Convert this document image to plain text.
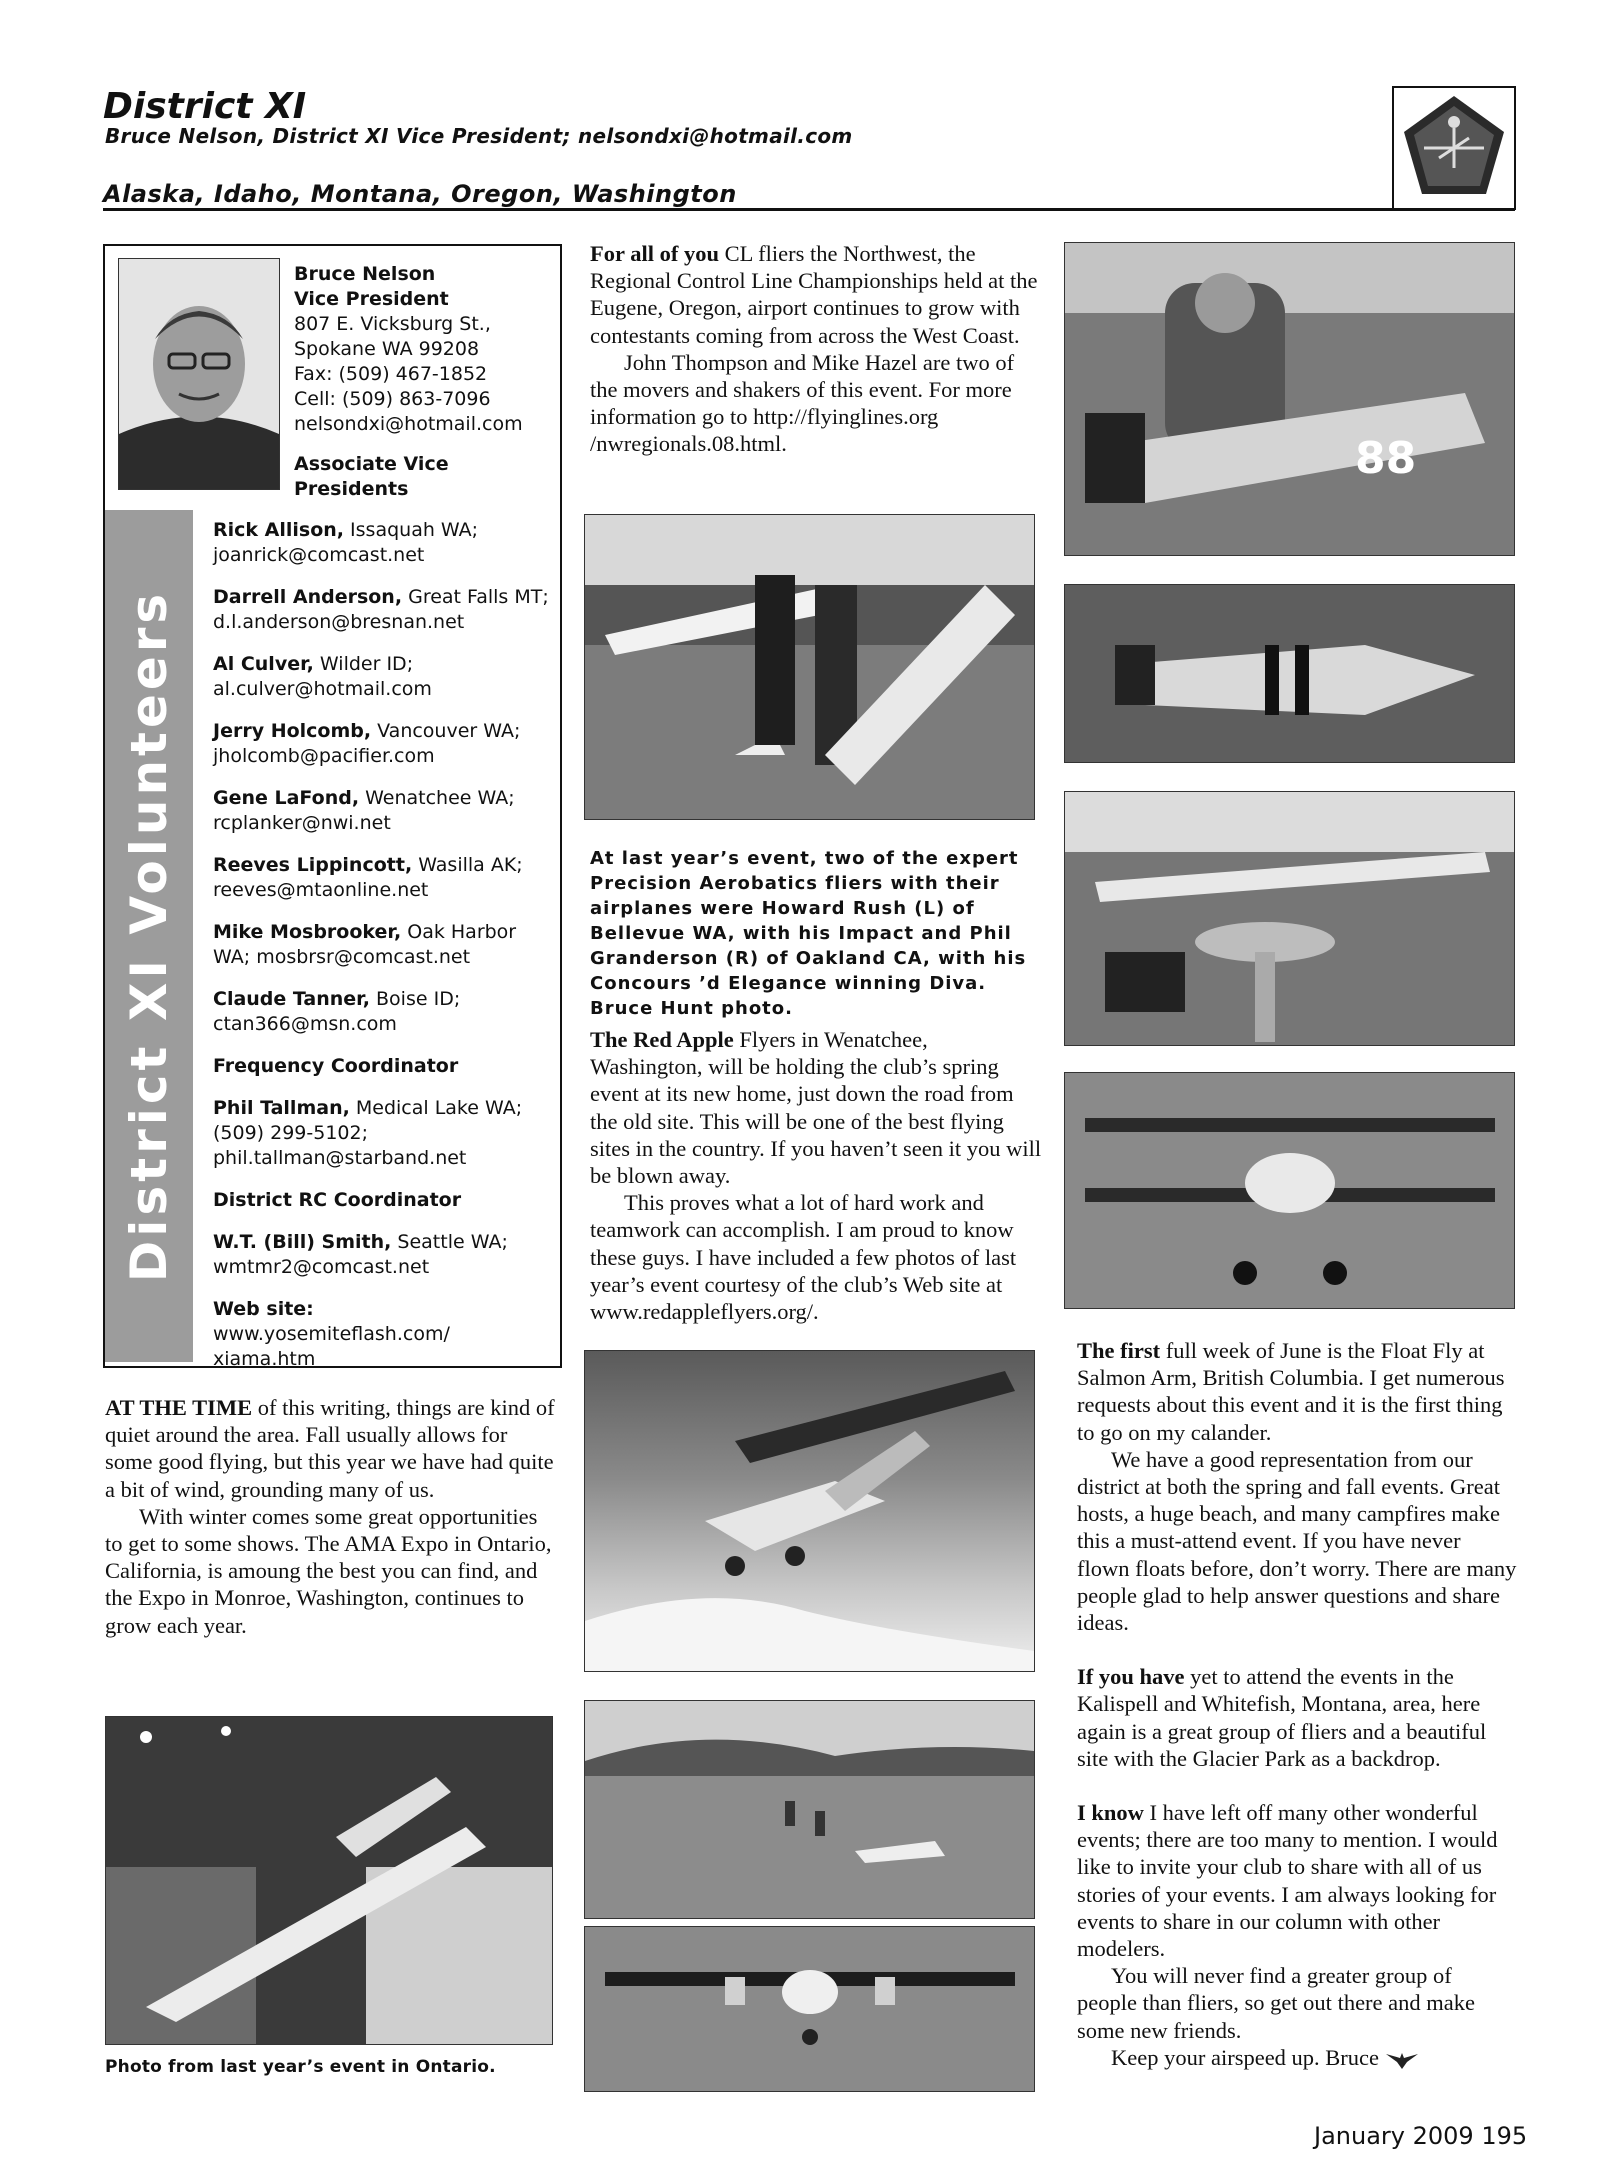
District XI
Bruce Nelson, District XI Vice President; nelsondxi@hotmail.com
Alaska, Idaho, Montana, Oregon, Washington
District XI Volunteers
Bruce Nelson
Vice President
807 E. Vicksburg St.,
Spokane WA 99208
Fax: (509) 467-1852
Cell: (509) 863-7096
nelsondxi@hotmail.com
Associate Vice Presidents
Rick Allison, Issaquah WA;
joanrick@comcast.net
Darrell Anderson, Great Falls MT;
d.l.anderson@bresnan.net
Al Culver, Wilder ID;
al.culver@hotmail.com
Jerry Holcomb, Vancouver WA;
jholcomb@pacifier.com
Gene LaFond, Wenatchee WA;
rcplanker@nwi.net
Reeves Lippincott, Wasilla AK;
reeves@mtaonline.net
Mike Mosbrooker, Oak Harbor WA; mosbrsr@comcast.net
Claude Tanner, Boise ID;
ctan366@msn.com
Frequency Coordinator
Phil Tallman, Medical Lake WA;
(509) 299-5102;
phil.tallman@starband.net
District RC Coordinator
W.T. (Bill) Smith, Seattle WA;
wmtmr2@comcast.net
Web site: www.yosemiteflash.com/ xiama.htm

AT THE TIME of this writing, things are kind of quiet around the area. Fall usually allows for some good flying, but this year we have had quite a bit of wind, grounding many of us.

With winter comes some great opportunities to get to some shows. The AMA Expo in Ontario, California, is amoung the best you can find, and the Expo in Monroe, Washington, continues to grow each year.

Photo from last year’s event in Ontario.

For all of you CL fliers the Northwest, the Regional Control Line Championships held at the Eugene, Oregon, airport continues to grow with contestants coming from across the West Coast.

John Thompson and Mike Hazel are two of the movers and shakers of this event. For more information go to http://flyinglines.org /nwregionals.08.html.

At last year’s event, two of the expert Precision Aerobatics fliers with their airplanes were Howard Rush (L) of Bellevue WA, with his Impact and Phil Granderson (R) of Oakland CA, with his Concours ’d Elegance winning Diva. Bruce Hunt photo.

The Red Apple Flyers in Wenatchee, Washington, will be holding the club’s spring event at its new home, just down the road from the old site. This will be one of the best flying sites in the country. If you haven’t seen it you will be blown away.

This proves what a lot of hard work and teamwork can accomplish. I am proud to know these guys. I have included a few photos of last year’s event courtesy of the club’s Web site at www.redappleflyers.org/.

88

The first full week of June is the Float Fly at Salmon Arm, British Columbia. I get numerous requests about this event and it is the first thing to go on my calander.

We have a good representation from our district at both the spring and fall events. Great hosts, a huge beach, and many campfires make this a must-attend event. If you have never flown floats before, don’t worry. There are many people glad to help answer questions and share ideas.

If you have yet to attend the events in the Kalispell and Whitefish, Montana, area, here again is a great group of fliers and a beautiful site with the Glacier Park as a backdrop.

I know I have left off many other wonderful events; there are too many to mention. I would like to invite your club to share with all of us stories of your events. I am always looking for events to share in our column with other modelers.

You will never find a greater group of people than fliers, so get out there and make some new friends.

Keep your airspeed up. Bruce

January 2009 195
